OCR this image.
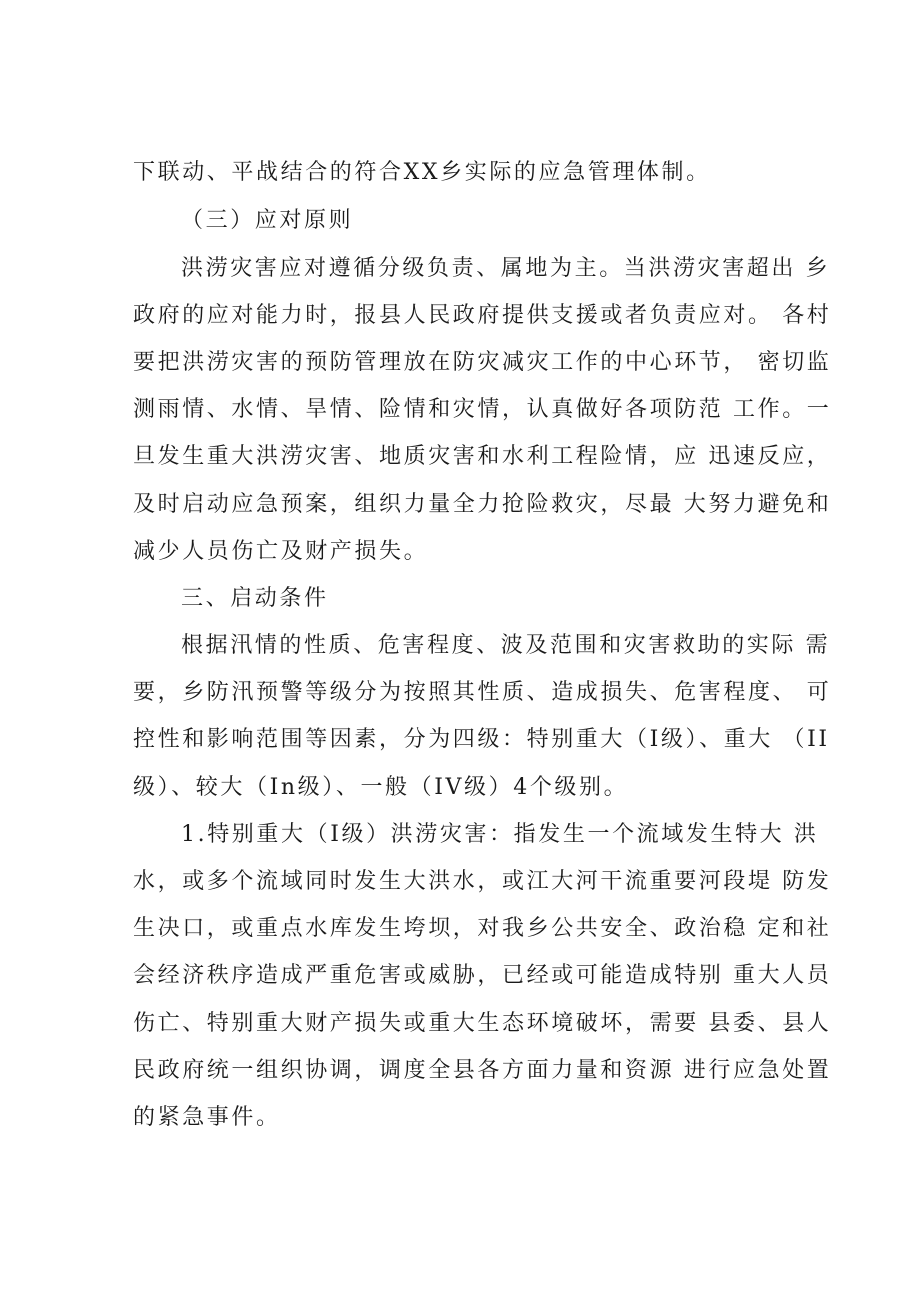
下联动、平战结合的符合XX乡实际的应急管理体制。
（三）应对原则
洪涝灾害应对遵循分级负责、属地为主。当洪涝灾害超出 乡
政府的应对能力时，报县人民政府提供支援或者负责应对。 各村
要把洪涝灾害的预防管理放在防灾减灾工作的中心环节， 密切监
测雨情、水情、旱情、险情和灾情，认真做好各项防范 工作。一
旦发生重大洪涝灾害、地质灾害和水利工程险情，应 迅速反应，
及时启动应急预案，组织力量全力抢险救灾，尽最 大努力避免和
减少人员伤亡及财产损失。
三、启动条件
根据汛情的性质、危害程度、波及范围和灾害救助的实际 需
要，乡防汛预警等级分为按照其性质、造成损失、危害程度、 可
控性和影响范围等因素，分为四级：特别重大（I级）、重大 （II
级）、较大（In级）、一般（IV级）4个级别。
1.特别重大（I级）洪涝灾害：指发生一个流域发生特大 洪
水，或多个流域同时发生大洪水，或江大河干流重要河段堤 防发
生决口，或重点水库发生垮坝，对我乡公共安全、政治稳 定和社
会经济秩序造成严重危害或威胁，已经或可能造成特别 重大人员
伤亡、特别重大财产损失或重大生态环境破坏，需要 县委、县人
民政府统一组织协调，调度全县各方面力量和资源 进行应急处置
的紧急事件。
